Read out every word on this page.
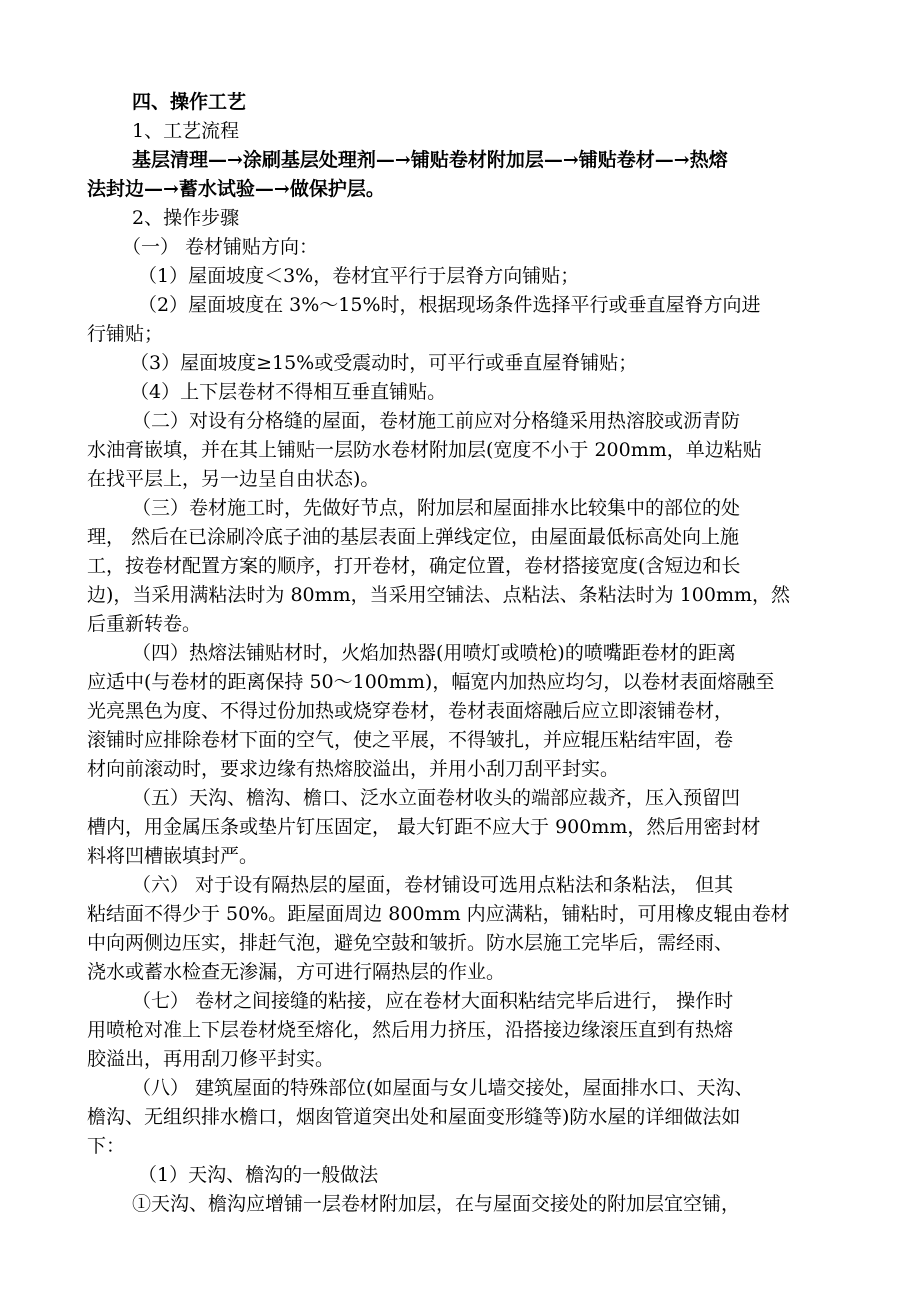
四、操作工艺
1、工艺流程
基层清理—→涂刷基层处理剂—→铺贴卷材附加层—→铺贴卷材—→热熔
法封边—→蓄水试验—→做保护层。
2、操作步骤
（一） 卷材铺贴方向：
（1）屋面坡度＜3%，卷材宜平行于层脊方向铺贴；
（2）屋面坡度在 3%～15%时，根据现场条件选择平行或垂直屋脊方向进
行铺贴；
（3）屋面坡度≥15%或受震动时，可平行或垂直屋脊铺贴；
（4）上下层卷材不得相互垂直铺贴。
（二）对设有分格缝的屋面，卷材施工前应对分格缝采用热溶胶或沥青防
水油膏嵌填，并在其上铺贴一层防水卷材附加层(宽度不小于 200mm，单边粘贴
在找平层上，另一边呈自由状态)。
（三）卷材施工时，先做好节点，附加层和屋面排水比较集中的部位的处
理， 然后在已涂刷冷底子油的基层表面上弹线定位，由屋面最低标高处向上施
工，按卷材配置方案的顺序，打开卷材，确定位置，卷材搭接宽度(含短边和长
边)，当采用满粘法时为 80mm，当采用空铺法、点粘法、条粘法时为 100mm，然
后重新转卷。
（四）热熔法铺贴材时，火焰加热器(用喷灯或喷枪)的喷嘴距卷材的距离
应适中(与卷材的距离保持 50～100mm)，幅宽内加热应均匀，以卷材表面熔融至
光亮黑色为度、不得过份加热或烧穿卷材，卷材表面熔融后应立即滚铺卷材，
滚铺时应排除卷材下面的空气，使之平展，不得皱扎，并应辊压粘结牢固，卷
材向前滚动时，要求边缘有热熔胶溢出，并用小刮刀刮平封实。
（五）天沟、檐沟、檐口、泛水立面卷材收头的端部应裁齐，压入预留凹
槽内，用金属压条或垫片钉压固定， 最大钉距不应大于 900mm，然后用密封材
料将凹槽嵌填封严。
（六） 对于设有隔热层的屋面，卷材铺设可选用点粘法和条粘法， 但其
粘结面不得少于 50%。距屋面周边 800mm 内应满粘，铺粘时，可用橡皮辊由卷材
中向两侧边压实，排赶气泡，避免空鼓和皱折。防水层施工完毕后，需经雨、
浇水或蓄水检查无渗漏，方可进行隔热层的作业。
（七） 卷材之间接缝的粘接，应在卷材大面积粘结完毕后进行， 操作时
用喷枪对准上下层卷材烧至熔化，然后用力挤压，沿搭接边缘滚压直到有热熔
胶溢出，再用刮刀修平封实。
（八） 建筑屋面的特殊部位(如屋面与女儿墙交接处，屋面排水口、天沟、
檐沟、无组织排水檐口，烟囱管道突出处和屋面变形缝等)防水屋的详细做法如
下：
（1）天沟、檐沟的一般做法
①天沟、檐沟应增铺一层卷材附加层，在与屋面交接处的附加层宜空铺，
